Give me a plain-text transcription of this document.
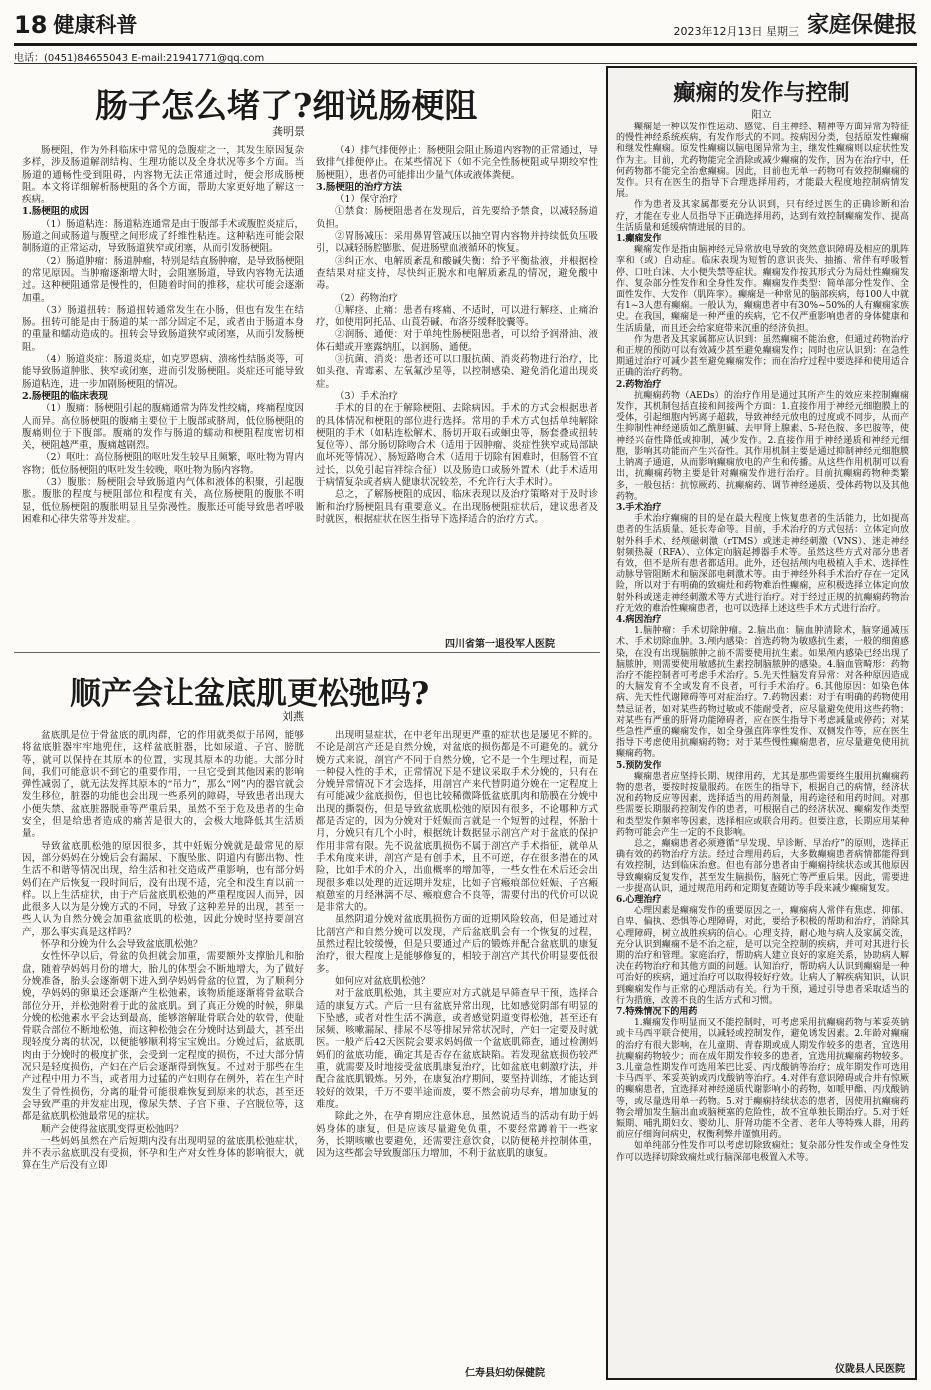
18 健康科普	2023年12月13日 星期三 家庭保健报
电话：(0451)84655043 E-mail:21941771@qq.com
肠子怎么堵了?细说肠梗阻
龚明景

肠梗阻，作为外科临床中常见的急腹症之一，其发生原因复杂多样，涉及肠道解剖结构、生理功能以及全身状况等多个方面。当肠道的通畅性受到阻碍，内容物无法正常通过时，便会形成肠梗阻。本文将详细解析肠梗阻的各个方面，帮助大家更好地了解这一疾病。

1.肠梗阻的成因

（1）肠道粘连：肠道粘连通常是由于腹部手术或腹腔炎症后，肠道之间或肠道与腹壁之间形成了纤维性粘连。这种粘连可能会限制肠道的正常运动，导致肠道狭窄或闭塞，从而引发肠梗阻。

（2）肠道肿瘤：肠道肿瘤，特别是结直肠肿瘤，是导致肠梗阻的常见原因。当肿瘤逐渐增大时，会阻塞肠道，导致内容物无法通过。这种梗阻通常是慢性的，但随着时间的推移，症状可能会逐渐加重。

（3）肠道扭转：肠道扭转通常发生在小肠，但也有发生在结肠。扭转可能是由于肠道的某一部分固定不足，或者由于肠道本身的重量和蠕动造成的。扭转会导致肠道狭窄或闭塞，从而引发肠梗阻。

（4）肠道炎症：肠道炎症，如克罗恩病、溃疡性结肠炎等，可能导致肠道肿胀、狭窄或闭塞，进而引发肠梗阻。炎症还可能导致肠道粘连，进一步加剧肠梗阻的情况。

2.肠梗阻的临床表现

（1）腹痛：肠梗阻引起的腹痛通常为阵发性绞痛，疼痛程度因人而异。高位肠梗阻的腹痛主要位于上腹部或脐周，低位肠梗阻的腹痛则位于下腹部。腹痛的发作与肠道的蠕动和梗阻程度密切相关，梗阻越严重，腹痛越剧烈。

（2）呕吐：高位肠梗阻的呕吐发生较早且频繁，呕吐物为胃内容物；低位肠梗阻的呕吐发生较晚，呕吐物为肠内容物。

（3）腹胀：肠梗阻会导致肠道内气体和液体的积聚，引起腹胀。腹胀的程度与梗阻部位和程度有关，高位肠梗阻的腹胀不明显，低位肠梗阻的腹胀明显且呈弥漫性。腹胀还可能导致患者呼吸困难和心律失常等并发症。

（4）排气排便停止：肠梗阻会阻止肠道内容物的正常通过，导致排气排便停止。在某些情况下（如不完全性肠梗阻或早期绞窄性肠梗阻），患者仍可能排出少量气体或液体粪便。

3.肠梗阻的治疗方法

（1）保守治疗

①禁食：肠梗阻患者在发现后，首先要给予禁食，以减轻肠道负担。

②胃肠减压：采用鼻胃管减压以抽空胃内容物并持续低负压吸引，以减轻肠腔膨胀、促进肠壁血液循环的恢复。

③纠正水、电解质紊乱和酸碱失衡：给予平衡盐液，并根据检查结果对症支持，尽快纠正脱水和电解质紊乱的情况，避免酸中毒。

（2）药物治疗

①解痉、止痛：患者有疼痛、不适时，可以进行解痉、止痛治疗，如使用阿托品、山莨菪碱、布洛芬缓释胶囊等。

②润肠、通便：对于单纯性肠梗阻患者，可以给予润滑油、液体石蜡或开塞露纳肛，以润肠、通便。

③抗菌、消炎：患者还可以口服抗菌、消炎药物进行治疗，比如头孢、青霉素、左氧氟沙星等，以控制感染、避免消化道出现炎症。

（3）手术治疗

手术的目的在于解除梗阻、去除病因。手术的方式会根据患者的具体情况和梗阻的部位进行选择。常用的手术方式包括单纯解除梗阻的手术（如粘连松解术、肠切开取石或蛔虫等，肠套叠或扭转复位等）、部分肠切除吻合术（适用于因肿瘤、炎症性狭窄或局部缺血坏死等情况）、肠短路吻合术（适用于切除有困难时，但肠管不宜过长，以免引起盲袢综合征）以及肠造口或肠外置术（此手术适用于病情复杂或者病人健康状况较差，不允许行大手术时）。

总之，了解肠梗阻的成因、临床表现以及治疗策略对于及时诊断和治疗肠梗阻具有重要意义。在出现肠梗阻症状后，建议患者及时就医，根据症状在医生指导下选择适合的治疗方式。

四川省第一退役军人医院
顺产会让盆底肌更松弛吗?
刘燕

盆底肌是位于骨盆底的肌肉群，它的作用就类似于吊网，能够将盆底脏器牢牢地兜住，这样盆底脏器，比如尿道、子宫、膀胱等，就可以保持在其原本的位置，实现其原本的功能。大部分时间，我们可能意识不到它的重要作用，一旦它受到其他因素的影响弹性减弱了，就无法发挥其原本的“吊力”，那么“网”内的器官就会发生移位，脏器的功能也会出现一些系列的障碍，导致患者出现大小便失禁、盆底脏器脱垂等严重后果，虽然不至于危及患者的生命安全，但是给患者造成的痛苦是很大的，会极大地降低其生活质量。

导致盆底肌松弛的原因很多，其中妊娠分娩就是最常见的原因，部分妈妈在分娩后会有漏尿、下腹坠胀、阴道内有膨出物、性生活不和谐等情况出现，给生活和社交造成严重影响，也有部分妈妈们在产后恢复一段时间后，没有出现不适，完全和没生育以前一样。以上生活症状，由于产后盆底肌松弛的严重程度因人而异，因此很多人以为是分娩方式的不同，导致了这种差异的出现，甚至一些人认为自然分娩会加重盆底肌的松弛，因此分娩时坚持要剖宫产，那么事实真是这样吗？

怀孕和分娩为什么会导致盆底肌松弛？

女性怀孕以后，骨盆的负担就会加重，需要额外支撑胎儿和胎盘，随着孕妈妈月份的增大，胎儿的体型会不断地增大，为了做好分娩准备，胎头会逐渐朝下进入到孕妈妈骨盆的位置，为了顺利分娩，孕妈妈的卵巢还会逐渐产生松弛素，该物质能逐渐将骨盆联合部位分开，并松弛附着于此的盆底肌。到了真正分娩的时候，卵巢分娩的松弛素水平会达到最高，能够溶解耻骨联合处的软骨，使耻骨联合部位不断地松弛，而这种松弛会在分娩时达到最大，甚至出现轻度分离的状况，以便能够顺利将宝宝娩出。分娩过后，盆底肌肉由于分娩时的极度扩张，会受到一定程度的损伤，不过大部分情况只是轻度损伤，产妇在产后会逐渐得到恢复。不过对于那些在生产过程中用力不当，或者用力过猛的产妇则存在例外，若在生产时发生了骨性损伤，分离的耻骨可能很难恢复到原来的状态，甚至还会导致严重的并发症出现，像尿失禁、子宫下垂、子宫脱位等，这都是盆底肌松弛最常见的症状。

顺产会使得盆底肌变得更松弛吗？

一些妈妈虽然在产后短期内没有出现明显的盆底肌松弛症状，并不表示盆底肌没有受损，怀孕和生产对女性身体的影响很大，就算在生产后没有立即

出现明显症状，在中老年出现更严重的症状也是屡见不鲜的。不论是剖宫产还是自然分娩，对盆底的损伤都是不可避免的。就分娩方式来说，剖宫产不同于自然分娩，它不是一个生理过程，而是一种侵入性的手术，正常情况下是不建议采取手术分娩的，只有在分娩异常情况下才会选择，用剖宫产来代替阴道分娩在一定程度上有可能减少盆底损伤，但也比较稀微降低盆底肌肉和筋膜在分娩中出现的撕裂伤，但是导致盆底肌松弛的原因有很多，不论哪种方式都是否定的，因为分娩对于妊娠而言就是一个短暂的过程，怀胎十月，分娩只有几个小时，根据统计数据显示剖宫产对于盆底的保护作用非常有限。先不说盆底肌损伤不属于剖宫产手术指征，就单从手术角度来讲，剖宫产是有创手术，且不可逆，存在很多潜在的风险，比如手术的介入，出血概率的增加等，一些女性在术后还会出现很多难以处理的近远期并发症，比如子宫瘢痕部位妊娠、子宫瘢痕憩室的月经淋漓不尽、瘢痕愈合不良等，需要付出的代价可以说是非常大的。

虽然阴道分娩对盆底肌损伤方面的近期风险较高，但是通过对比剖宫产和自然分娩可以发现，产后盆底肌会有一个恢复的过程，虽然过程比较缓慢，但是只要通过产后的锻炼并配合盆底肌的康复治疗，很大程度上是能够修复的，相较于剖宫产其代价明显要低很多。

如何应对盆底肌松弛？

对于盆底肌松弛，其主要应对方式就是早筛查早干预，选择合适的康复方式。产后一旦有盆底异常出现，比如感觉阴部有明显的下坠感，或者对性生活不满意，或者感觉阴道变得松弛，甚至还有尿频、咳嗽漏尿、排尿不尽等排尿异常状况时，产妇一定要及时就医。一般产后42天医院会要求妈妈做一个盆底肌筛查，通过检测妈妈们的盆底功能，确定其是否存在盆底缺陷。若发现盆底损伤较严重，就需要及时地接受盆底肌康复治疗，比如盆底电刺激疗法，并配合盆底肌锻炼。另外，在康复治疗期间，要坚持训练，才能达到较好的效果，千万不要半途而废，要不然会前功尽弃，增加康复的难度。

除此之外，在孕育期应注意休息，虽然说适当的活动有助于妈妈身体的康复，但是应该尽量避免负重，不要经常蹲着干一些家务，长期咳嗽也要避免，还需要注意饮食，以防便秘并控制体重，因为这些都会导致腹部压力增加，不利于盆底肌的康复。

仁寿县妇幼保健院
癫痫的发作与控制
阳立

癫痫是一种以发作性运动、感觉、自主神经、精神等方面异常为特征的慢性神经系统疾病，有发作形式的不同。按病因分类，包括原发性癫痫和继发性癫痫。原发性癫痫以脑电图异常为主，继发性癫痫则以症状性发作为主。目前，尤药物能完全消除或减少癫痫的发作，因为在治疗中，任何药物都不能完全治愈癫痫。因此，目前也无单一药物可有效控制癫痫的发作。只有在医生的指导下合理选择用药，才能最大程度地控制病情发展。

作为患者及其家属都要充分认识到，只有经过医生的正确诊断和治疗，才能在专业人员指导下正确选择用药，达到有效控制癫痫发作、提高生活质量和延缓病情进展的目的。

1.癫痫发作

癫痫发作是指由脑神经元异常放电导致的突然意识障碍及相应的肌阵挛和（或）自动症。临床表现为短暂的意识丧失、抽搐、常伴有呼吸暂停、口吐白沫、大小便失禁等症状。癫痫发作按其形式分为局灶性癫痫发作、复杂部分性发作和全身性发作。癫痫发作类型：简单部分性发作、全面性发作、大发作（肌阵挛）。癫痫是一种常见的脑部疾病，每100人中就有1~3人患有癫痫。一般认为，癫痫患者中有30%~50%的人有癫痫家族史。在我国，癫痫是一种严重的疾病，它不仅严重影响患者的身体健康和生活质量，而且还会给家庭带来沉重的经济负担。

作为患者及其家属都应认识到：虽然癫痫不能治愈，但通过药物治疗和正规的预防可以有效减少甚至避免癫痫发作；同时也应认识到：在急性期通过治疗可减少甚至避免癫痫发作；而在治疗过程中要选择和使用适合正确的治疗药物。

2.药物治疗

抗癫痫药物（AEDs）的治疗作用是通过其所产生的效应来控制癫痫发作，其机制包括直接和间接两个方面：1.直接作用于神经元细胞膜上的受体，引起细胞内钙离子超载，导致神经元放电的过度或不同步，从而产生抑制性神经递质如乙酰胆碱、去甲肾上腺素、5-羟色胺、多巴胺等，使神经兴奋性降低或抑制，减少发作。2.直接作用于神经递质和神经元细胞，影响其功能而产生兴奋性。其作用机制主要是通过抑制神经元细胞膜上钠离子通道，从而影响癫痫放电的产生和传播。从这些作用机制可以看出，抗癫痫药物主要是针对癫痫发作进行治疗。目前抗癫痫药物种类繁多，一般包括：抗惊厥药、抗癫痫药、调节神经递质、受体药物以及其他药物。

3.手术治疗

手术治疗癫痫的目的是在最大程度上恢复患者的生活能力，比如提高患者的生活质量、延长寿命等。目前，手术治疗的方式包括：立体定向放射外科手术、经颅磁刺激（rTMS）或迷走神经刺激（VNS）、迷走神经射频热凝（RFA）、立体定向脑起搏器手术等。虽然这些方式对部分患者有效，但不是所有患者都适用。此外，还包括颅内电极植入手术、选择性动脉导管阻断术和脑深部电刺激术等。由于神经外科手术治疗存在一定风险，所以对于有明确的致痫灶和药物难治性癫痫，应积极选择立体定向放射外科或迷走神经刺激术等方式进行治疗。对于经过正规的抗癫痫药物治疗无效的难治性癫痫患者，也可以选择上述这些手术方式进行治疗。

4.病因治疗

1.脑肿瘤：手术切除肿瘤。2.脑出血：脑血肿清除术，脑穿通减压术、手术切除血肿。3.颅内感染：首选药物为敏感抗生素，一般的细菌感染，在没有出现脑脓肿之前不需要使用抗生素。如果颅内感染已经出现了脑脓肿，则需要使用敏感抗生素控制脑脓肿的感染。4.脑血管畸形：药物治疗不能控制者可考虑手术治疗。5.先天性脑发育异常：对各种原因造成的大脑发育不全或发育不良者，可行手术治疗。6.其他原因：如染色体病、先天性代谢障碍等可对症治疗。7.药物因素：对于有明确的药物使用禁忌证者，如对某些药物过敏或不能耐受者，应尽量避免使用这些药物；对某些有严重的肝肾功能障碍者，应在医生指导下考虑减量或停药；对某些急性严重的癫痫发作，如全身强直阵挛性发作、双侧发作等，应在医生指导下考虑使用抗癫痫药物；对于某些慢性癫痫患者，应尽量避免使用抗癫痫药物。

5.预防发作

癫痫患者应坚持长期、规律用药，尤其是那些需要终生服用抗癫痫药物的患者，要按时按量服药。在医生的指导下，根据自己的病情，经济状况和药物反应等因素，选择适当的用药剂量，用药途径和用药时间。对那些需要长期服药控制发作的患者，可根据自己的经济状况、癫痫发作类型和类型发作频率等因素，选择相应或联合用药。但要注意，长期应用某种药物可能会产生一定的不良影响。

总之，癫痫患者必须遵循“早发现、早诊断、早治疗”的原则，选择正确有效的药物治疗方法。经过合理用药后，大多数癫痫患者病情都能得到有效控制，达到临床治愈。但也有部分患者由于癫痫持续状态或其他原因导致癫痫反复发作，甚至发生脑损伤，脑死亡等严重后果。因此，需要进一步提高认识，通过规范用药和定期复查随访等手段来减少癫痫复发。

6.心理治疗

心理因素是癫痫发作的重要原因之一，癫痫病人常伴有焦虑、抑郁、自卑、偏执、恐惧等心理障碍，对此，要给予积极的帮助和治疗，消除其心理障碍，树立战胜疾病的信心。心理支持，耐心地与病人及家属交流，充分认识到癫痫不是不治之症，是可以完全控制的疾病，并可对其进行长期的治疗和管理。家庭治疗，帮助病人建立良好的家庭关系，协助病人解决在药物治疗和其他方面的问题。认知治疗，帮助病人认识到癫痫是一种可治好的疾病，通过治疗可以取得较好疗效。让病人了解疾病知识，认识到癫痫发作与正常的心理活动有关。行为干预，通过引导患者采取适当的行为措施，改善不良的生活方式和习惯。

7.特殊情况下的用药

1.癫痫发作明显而又不能控制时，可考虑采用抗癫痫药物与苯妥英钠或卡马西平联合使用，以减轻或控制发作，避免诱发因素。2.年龄对癫痫的治疗有很大影响，在儿童期、青春期或成人期发作较多的患者，宜选用抗癫痫药物较少；而在成年期发作较多的患者，宜选用抗癫痫药物较多。3.儿童急性期发作可选用苯巴比妥、丙戊酸钠等治疗；成年期发作可选用卡马西平、苯妥英钠或丙戊酸钠等治疗。4.对伴有意识障碍或合并有惊厥的癫痫患者，宜选择对神经递质代谢影响小的药物，如哌甲酯、丙戊酸钠等，或尽量选用单一药物。5.对于癫痫持续状态的患者，因使用抗癫痫药物会增加发生脑出血或脑梗塞的危险性，故不宜单独长期治疗。5.对于妊娠期、哺乳期妇女、婴幼儿、肝肾功能不全者、老年人等特殊人群，用药前应仔细询问病史，权衡利弊并谨慎用药。

如单纯部分性发作可以考虑切除致痫灶；复杂部分性发作或全身性发作可以选择切除致痫灶或行脑深部电极置入术等。

仪陇县人民医院
